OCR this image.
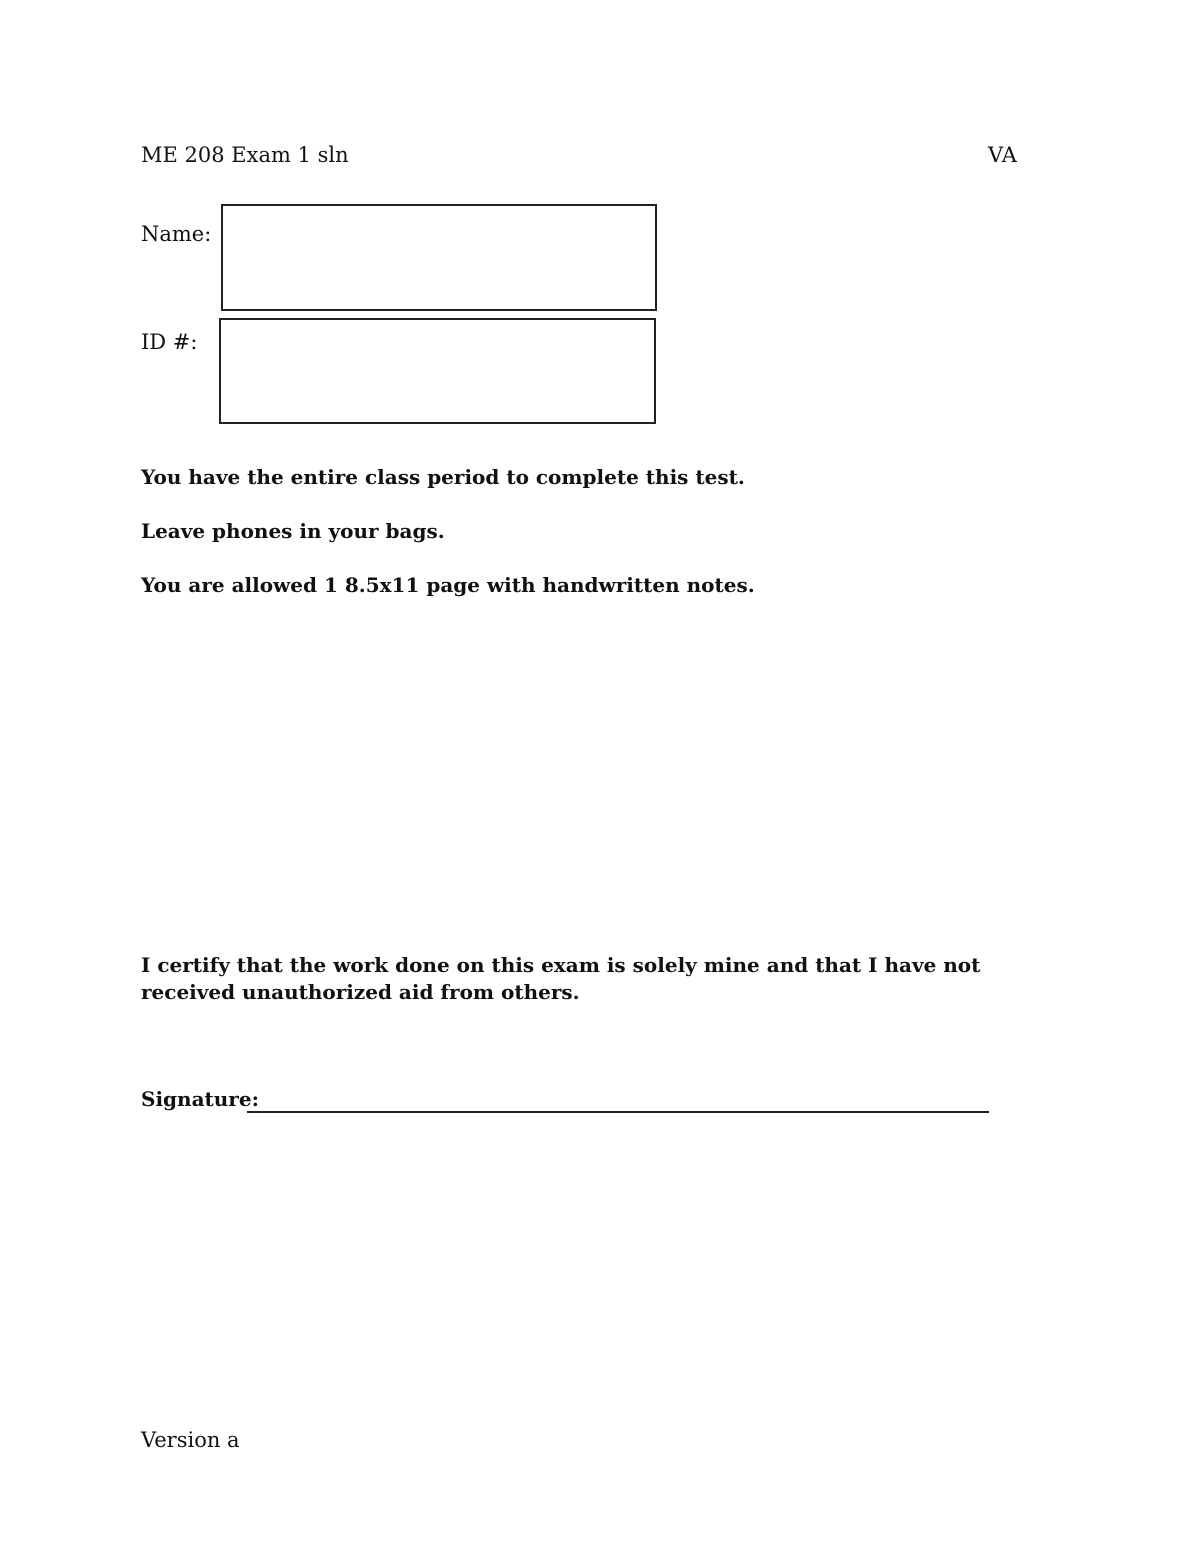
ME 208 Exam 1 sln	VA
Name:
ID #:
You have the entire class period to complete this test.
Leave phones in your bags.
You are allowed 1 8.5x11 page with handwritten notes.
I certify that the work done on this exam is solely mine and that I have not received unauthorized aid from others.
Signature:
Version a
